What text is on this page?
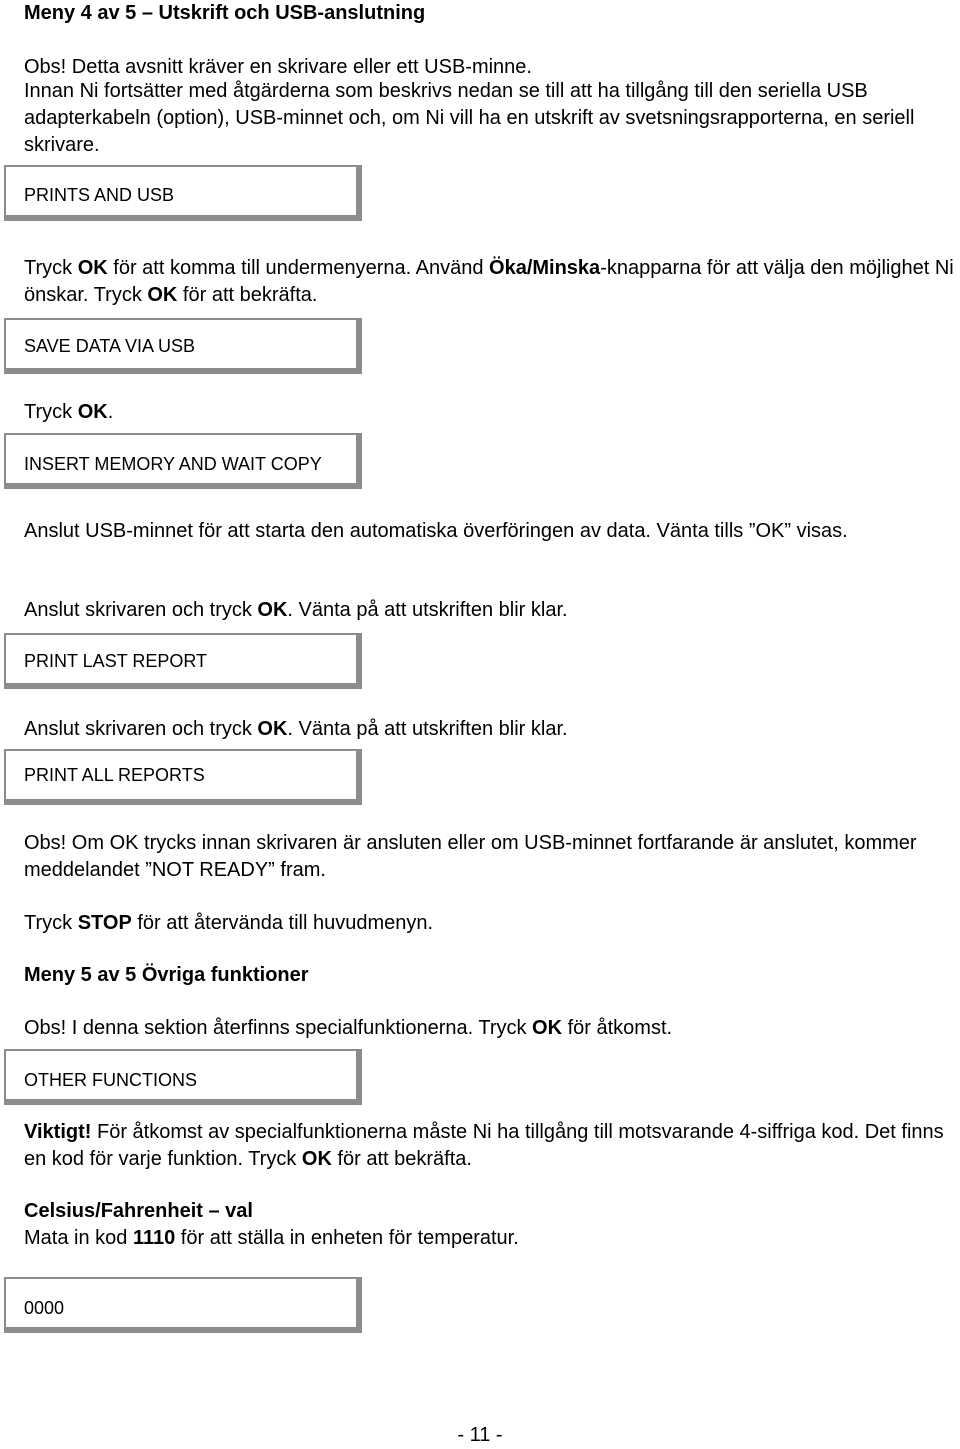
Meny 4 av 5 – Utskrift och USB-anslutning

Obs! Detta avsnitt kräver en skrivare eller ett USB-minne.

Innan Ni fortsätter med åtgärderna som beskrivs nedan se till att ha tillgång till den seriella USB adapterkabeln (option), USB-minnet och, om Ni vill ha en utskrift av svetsningsrapporterna, en seriell skrivare.

PRINTS AND USB

Tryck OK för att komma till undermenyerna. Använd Öka/Minska-knapparna för att välja den möjlighet Ni önskar. Tryck OK för att bekräfta.

SAVE DATA VIA USB

Tryck OK.

INSERT MEMORY AND WAIT COPY

Anslut USB-minnet för att starta den automatiska överföringen av data. Vänta tills ”OK” visas.

Anslut skrivaren och tryck OK. Vänta på att utskriften blir klar.

PRINT LAST REPORT

Anslut skrivaren och tryck OK. Vänta på att utskriften blir klar.

PRINT ALL REPORTS

Obs! Om OK trycks innan skrivaren är ansluten eller om USB-minnet fortfarande är anslutet, kommer meddelandet ”NOT READY” fram.

Tryck STOP för att återvända till huvudmenyn.

Meny 5 av 5 Övriga funktioner

Obs! I denna sektion återfinns specialfunktionerna. Tryck OK för åtkomst.

OTHER FUNCTIONS

Viktigt! För åtkomst av specialfunktionerna måste Ni ha tillgång till motsvarande 4-siffriga kod. Det finns en kod för varje funktion. Tryck OK för att bekräfta.

Celsius/Fahrenheit – val

Mata in kod 1110 för att ställa in enheten för temperatur.

0000
- 11 -
